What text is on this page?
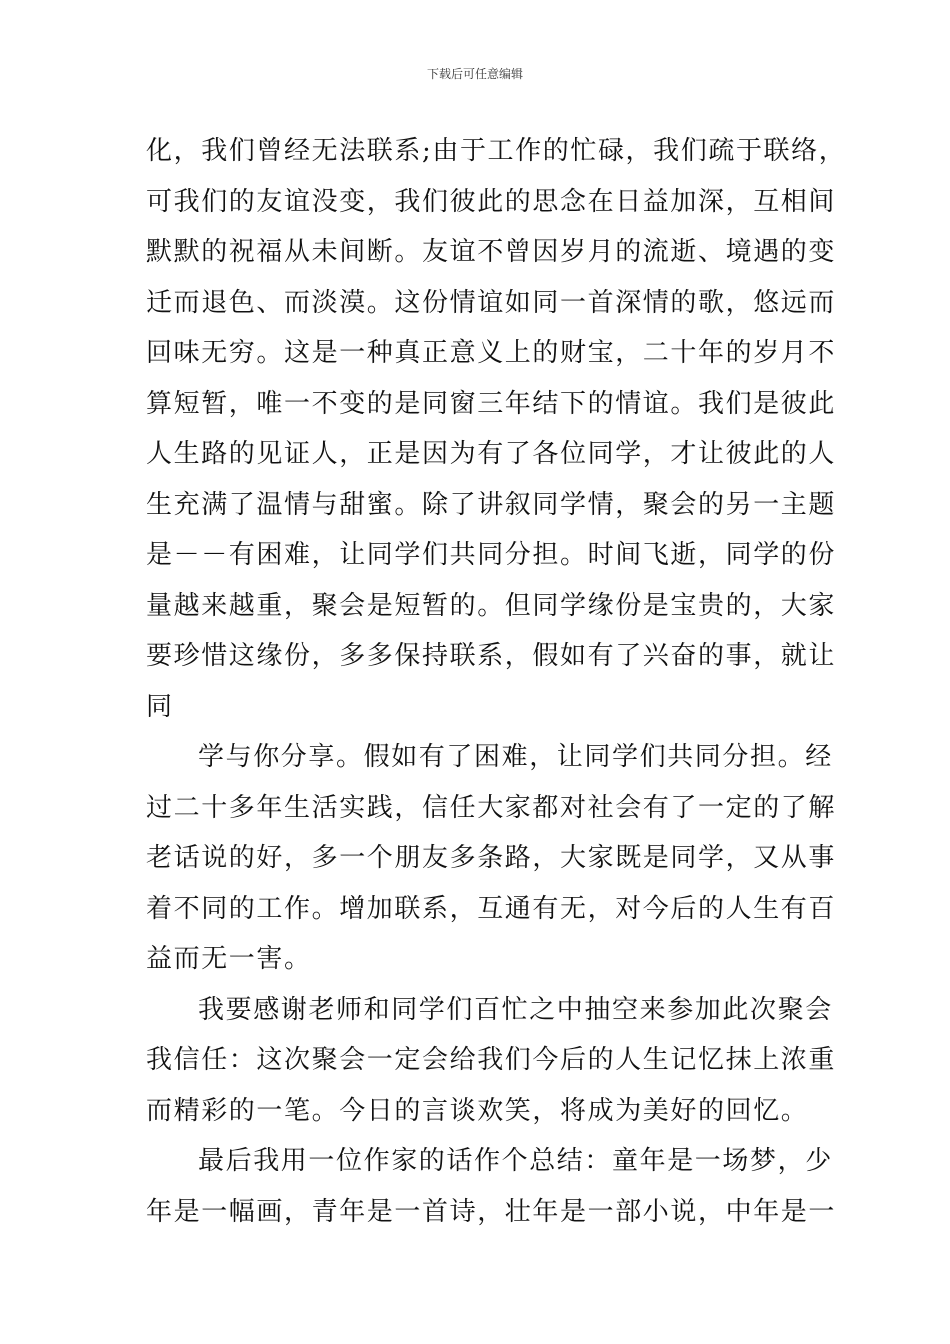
下载后可任意编辑
化，我们曾经无法联系;由于工作的忙碌，我们疏于联络，
可我们的友谊没变，我们彼此的思念在日益加深，互相间
默默的祝福从未间断。友谊不曾因岁月的流逝、境遇的变
迁而退色、而淡漠。这份情谊如同一首深情的歌，悠远而
回味无穷。这是一种真正意义上的财宝，二十年的岁月不
算短暂，唯一不变的是同窗三年结下的情谊。我们是彼此
人生路的见证人，正是因为有了各位同学，才让彼此的人
生充满了温情与甜蜜。除了讲叙同学情，聚会的另一主题
是－－有困难，让同学们共同分担。时间飞逝，同学的份
量越来越重，聚会是短暂的。但同学缘份是宝贵的，大家
要珍惜这缘份，多多保持联系，假如有了兴奋的事，就让
同
学与你分享。假如有了困难，让同学们共同分担。经
过二十多年生活实践，信任大家都对社会有了一定的了解
老话说的好，多一个朋友多条路，大家既是同学，又从事
着不同的工作。增加联系，互通有无，对今后的人生有百
益而无一害。
我要感谢老师和同学们百忙之中抽空来参加此次聚会
我信任：这次聚会一定会给我们今后的人生记忆抹上浓重
而精彩的一笔。今日的言谈欢笑，将成为美好的回忆。
最后我用一位作家的话作个总结：童年是一场梦，少
年是一幅画，青年是一首诗，壮年是一部小说，中年是一
